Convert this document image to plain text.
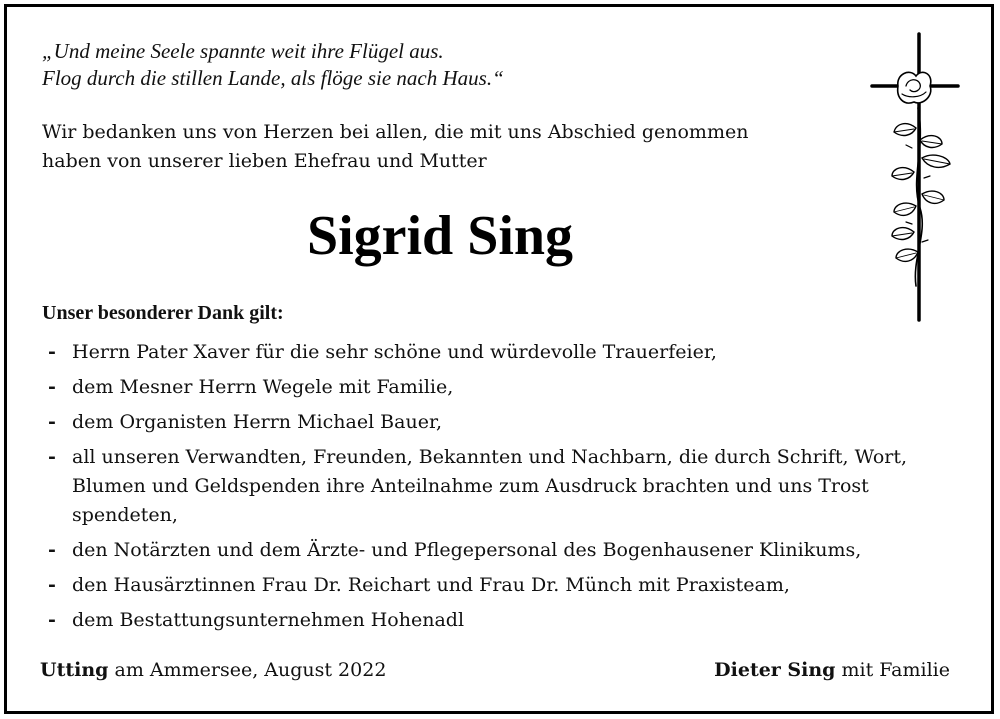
„Und meine Seele spannte weit ihre Flügel aus.
Flog durch die stillen Lande, als flöge sie nach Haus.“
Wir bedanken uns von Herzen bei allen, die mit uns Abschied genommen
haben von unserer lieben Ehefrau und Mutter
Sigrid Sing
Unser besonderer Dank gilt:
- Herrn Pater Xaver für die sehr schöne und würdevolle Trauerfeier,
- dem Mesner Herrn Wegele mit Familie,
- dem Organisten Herrn Michael Bauer,
- all unseren Verwandten, Freunden, Bekannten und Nachbarn, die durch Schrift, Wort, Blumen und Geldspenden ihre Anteilnahme zum Ausdruck brachten und uns Trost spendeten,
- den Notärzten und dem Ärzte- und Pflegepersonal des Bogenhausener Klinikums,
- den Hausärztinnen Frau Dr. Reichart und Frau Dr. Münch mit Praxisteam,
- dem Bestattungsunternehmen Hohenadl
Utting am Ammersee, August 2022	Dieter Sing mit Familie
